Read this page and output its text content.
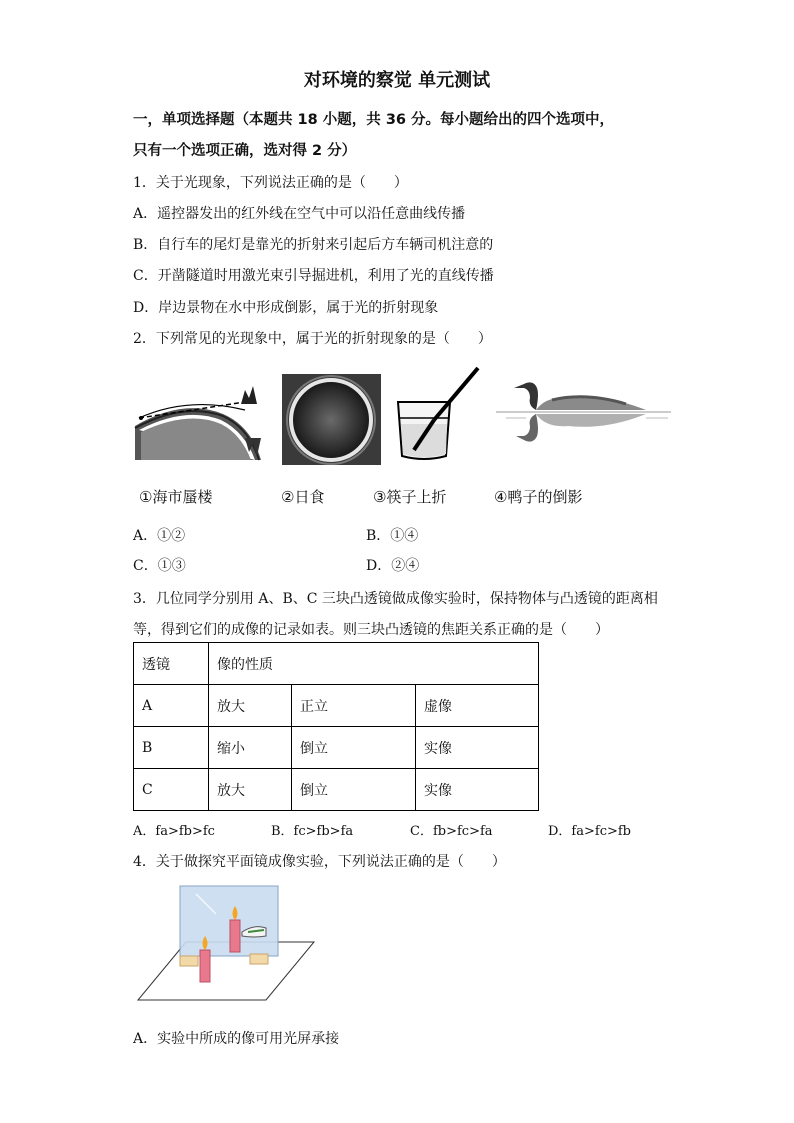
对环境的察觉 单元测试
一，单项选择题（本题共 18 小题，共 36 分。每小题给出的四个选项中，
只有一个选项正确，选对得 2 分）
1．关于光现象，下列说法正确的是（　　）
A．遥控器发出的红外线在空气中可以沿任意曲线传播
B．自行车的尾灯是靠光的折射来引起后方车辆司机注意的
C．开凿隧道时用激光束引导掘进机，利用了光的直线传播
D．岸边景物在水中形成倒影，属于光的折射现象
2．下列常见的光现象中，属于光的折射现象的是（　　）
①海市蜃楼	②日食	③筷子上折	④鸭子的倒影
A．①②	B．①④
C．①③	D．②④
3．几位同学分别用 A、B、C 三块凸透镜做成像实验时，保持物体与凸透镜的距离相
等，得到它们的成像的记录如表。则三块凸透镜的焦距关系正确的是（　　）
透镜	像的性质		
A	放大	正立	虚像
B	缩小	倒立	实像
C	放大	倒立	实像
A．fa>fb>fc	B．fc>fb>fa	C．fb>fc>fa	D．fa>fc>fb
4．关于做探究平面镜成像实验，下列说法正确的是（　　）
A．实验中所成的像可用光屏承接
